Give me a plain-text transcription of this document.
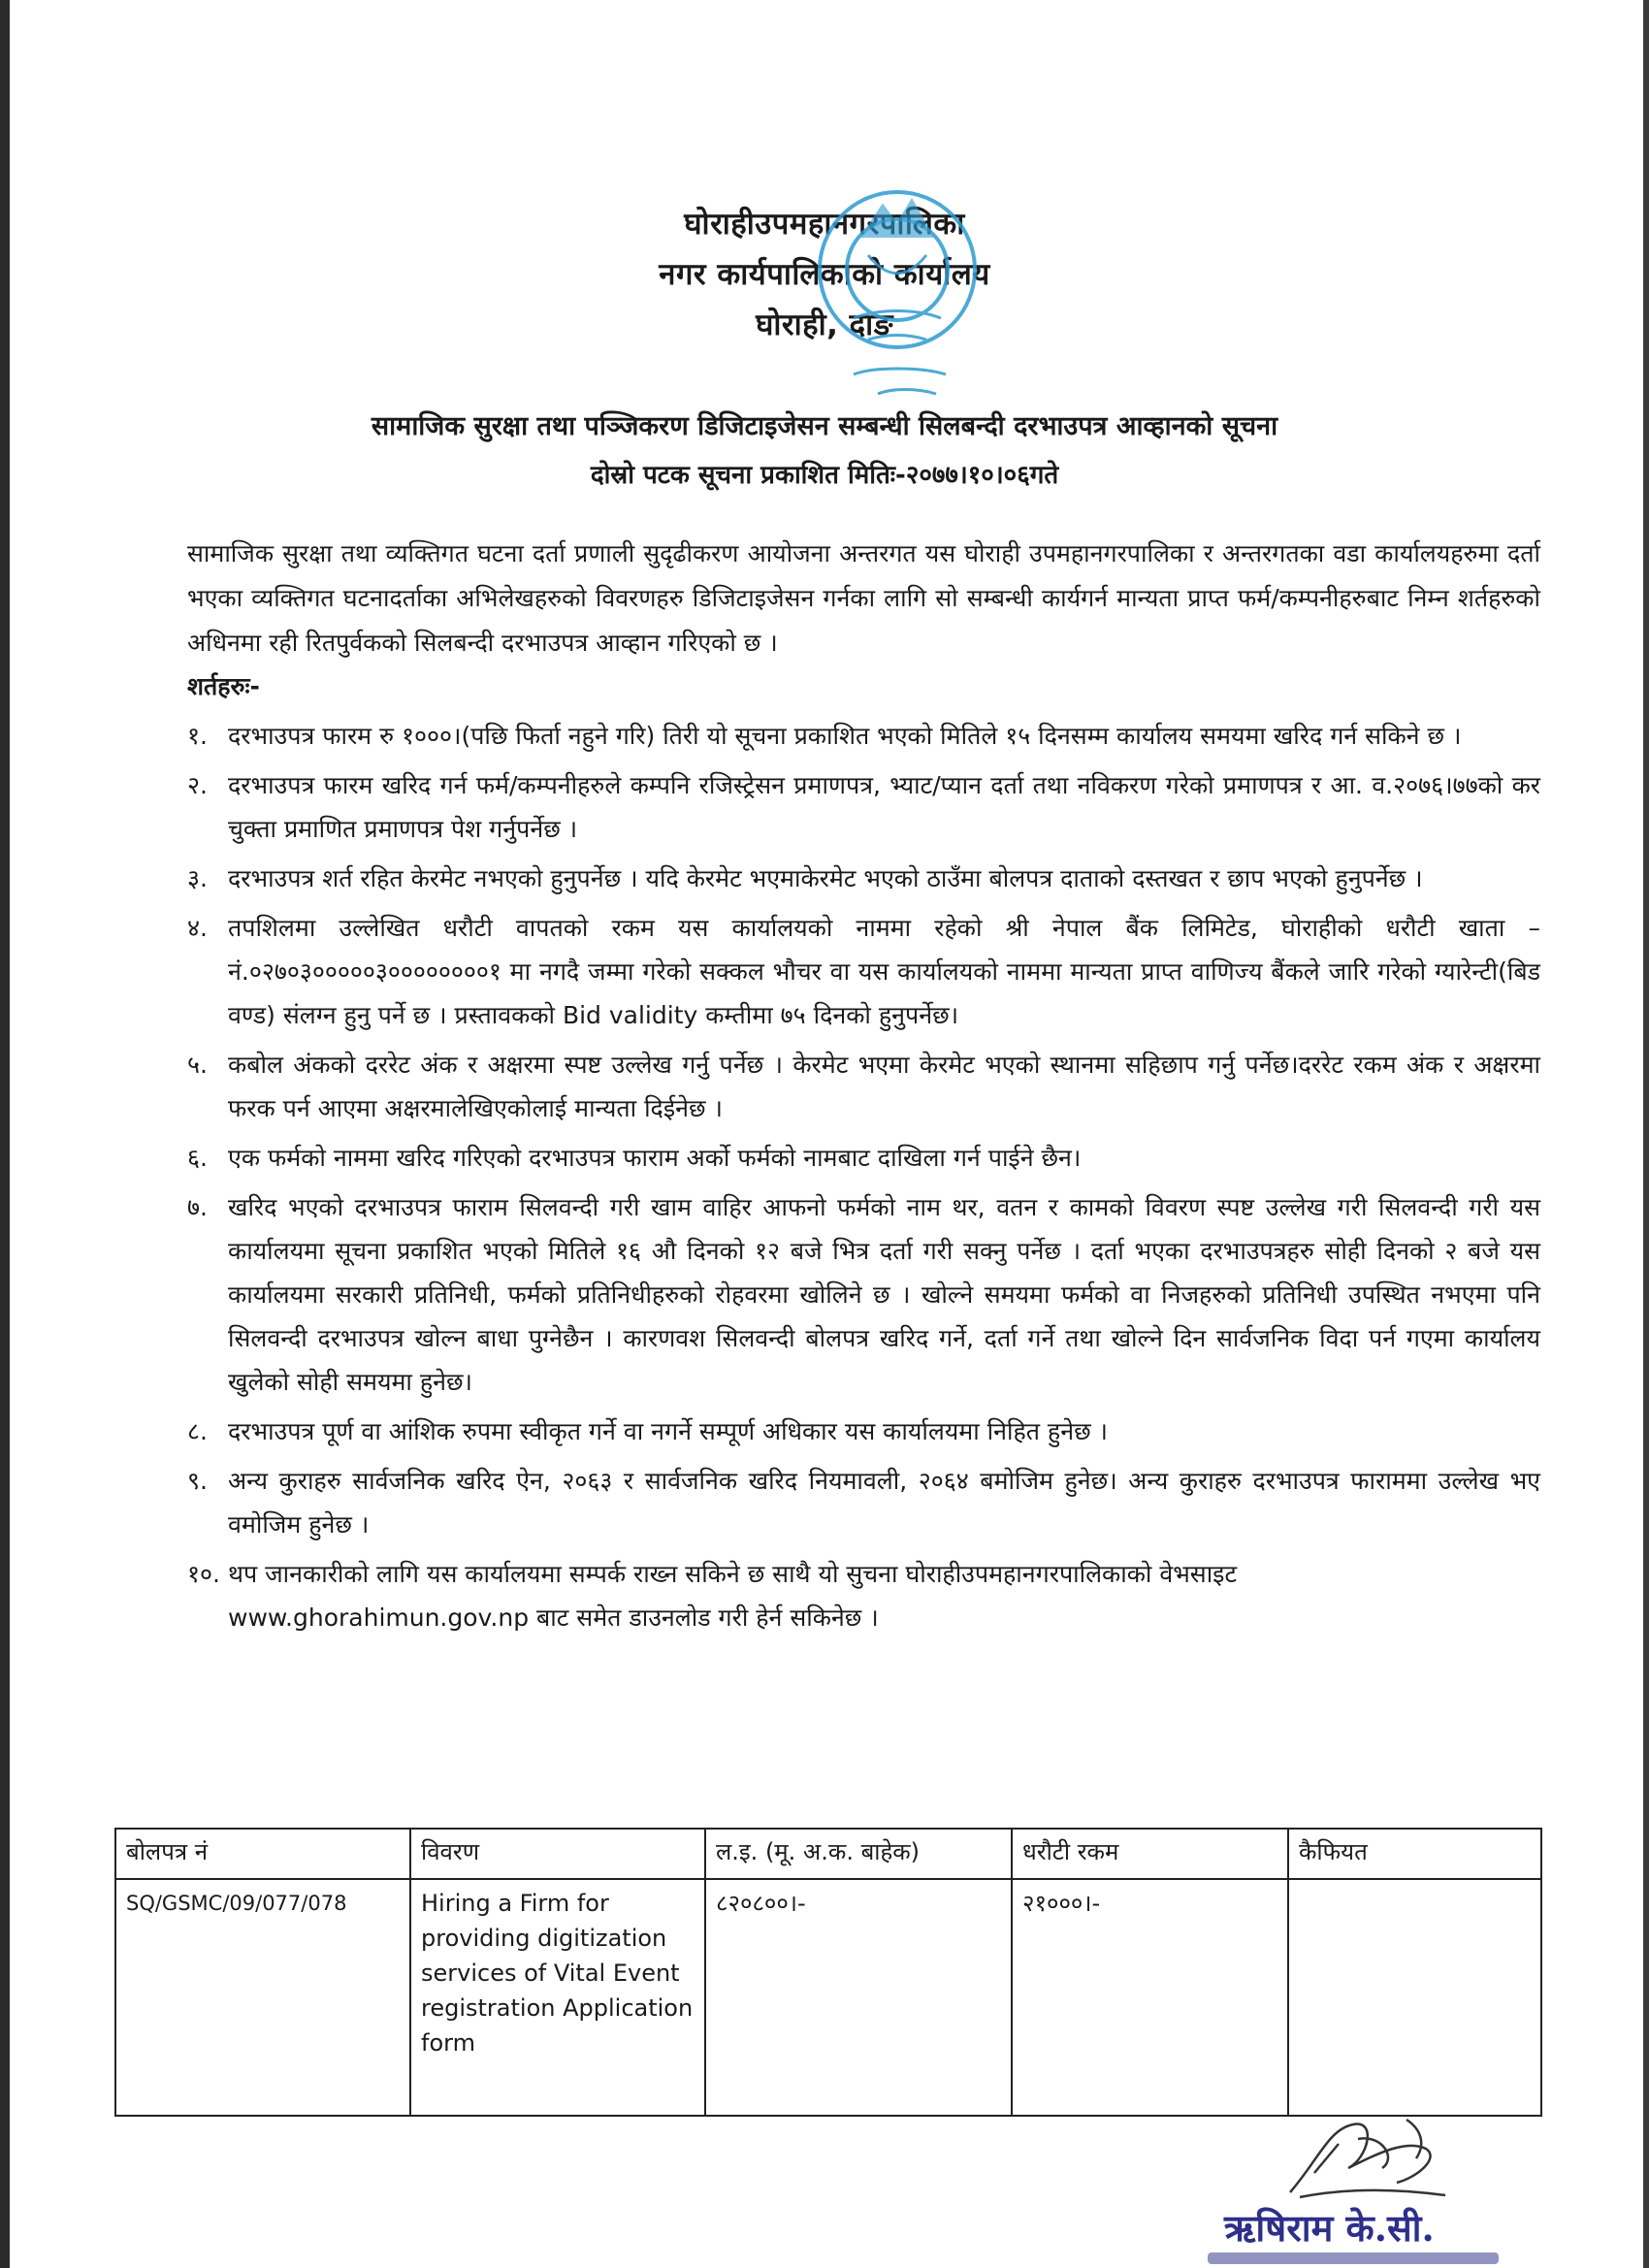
घोराहीउपमहानगरपालिका
नगर कार्यपालिकाको कार्यालय
घोराही, दाङ
सामाजिक सुरक्षा तथा पञ्जिकरण डिजिटाइजेसन सम्बन्धी सिलबन्दी दरभाउपत्र आव्हानको सूचना
दोस्रो पटक सूचना प्रकाशित मितिः-२०७७।१०।०६गते

सामाजिक सुरक्षा तथा व्यक्तिगत घटना दर्ता प्रणाली सुदृढीकरण आयोजना अन्तरगत यस घोराही उपमहानगरपालिका र अन्तरगतका वडा कार्यालयहरुमा दर्ता भएका व्यक्तिगत घटनादर्ताका अभिलेखहरुको विवरणहरु डिजिटाइजेसन गर्नका लागि सो सम्बन्धी कार्यगर्न मान्यता प्राप्त फर्म/कम्पनीहरुबाट निम्न शर्तहरुको अधिनमा रही रितपुर्वकको सिलबन्दी दरभाउपत्र आव्हान गरिएको छ ।

शर्तहरुः-

१. दरभाउपत्र फारम रु १०००।(पछि फिर्ता नहुने गरि) तिरी यो सूचना प्रकाशित भएको मितिले १५ दिनसम्म कार्यालय समयमा खरिद गर्न सकिने छ ।
२. दरभाउपत्र फारम खरिद गर्न फर्म/कम्पनीहरुले कम्पनि रजिस्ट्रेसन प्रमाणपत्र, भ्याट/प्यान दर्ता तथा नविकरण गरेको प्रमाणपत्र र आ. व.२०७६।७७को कर चुक्ता प्रमाणित प्रमाणपत्र पेश गर्नुपर्नेछ ।
३. दरभाउपत्र शर्त रहित केरमेट नभएको हुनुपर्नेछ । यदि केरमेट भएमाकेरमेट भएको ठाउँमा बोलपत्र दाताको दस्तखत र छाप भएको हुनुपर्नेछ ।
४. तपशिलमा उल्लेखित धरौटी वापतको रकम यस कार्यालयको नाममा रहेको श्री नेपाल बैंक लिमिटेड, घोराहीको धरौटी खाता – नं.०२७०३०००००३००००००००१ मा नगदै जम्मा गरेको सक्कल भौचर वा यस कार्यालयको नाममा मान्यता प्राप्त वाणिज्य बैंकले जारि गरेको ग्यारेन्टी(बिड वण्ड) संलग्न हुनु पर्ने छ । प्रस्तावकको Bid validity कम्तीमा ७५ दिनको हुनुपर्नेछ।
५. कबोल अंकको दररेट अंक र अक्षरमा स्पष्ट उल्लेख गर्नु पर्नेछ । केरमेट भएमा केरमेट भएको स्थानमा सहिछाप गर्नु पर्नेछ।दररेट रकम अंक र अक्षरमा फरक पर्न आएमा अक्षरमालेखिएकोलाई मान्यता दिईनेछ ।
६. एक फर्मको नाममा खरिद गरिएको दरभाउपत्र फाराम अर्को फर्मको नामबाट दाखिला गर्न पाईने छैन।
७. खरिद भएको दरभाउपत्र फाराम सिलवन्दी गरी खाम वाहिर आफनो फर्मको नाम थर, वतन र कामको विवरण स्पष्ट उल्लेख गरी सिलवन्दी गरी यस कार्यालयमा सूचना प्रकाशित भएको मितिले १६ औ दिनको १२ बजे भित्र दर्ता गरी सक्नु पर्नेछ । दर्ता भएका दरभाउपत्रहरु सोही दिनको २ बजे यस कार्यालयमा सरकारी प्रतिनिधी, फर्मको प्रतिनिधीहरुको रोहवरमा खोलिने छ । खोल्ने समयमा फर्मको वा निजहरुको प्रतिनिधी उपस्थित नभएमा पनि सिलवन्दी दरभाउपत्र खोल्न बाधा पुग्नेछैन । कारणवश सिलवन्दी बोलपत्र खरिद गर्ने, दर्ता गर्ने तथा खोल्ने दिन सार्वजनिक विदा पर्न गएमा कार्यालय खुलेको सोही समयमा हुनेछ।
८. दरभाउपत्र पूर्ण वा आंशिक रुपमा स्वीकृत गर्ने वा नगर्ने सम्पूर्ण अधिकार यस कार्यालयमा निहित हुनेछ ।
९. अन्य कुराहरु सार्वजनिक खरिद ऐन, २०६३ र सार्वजनिक खरिद नियमावली, २०६४ बमोजिम हुनेछ। अन्य कुराहरु दरभाउपत्र फाराममा उल्लेख भए वमोजिम हुनेछ ।
१०. थप जानकारीको लागि यस कार्यालयमा सम्पर्क राख्न सकिने छ साथै यो सुचना घोराहीउपमहानगरपालिकाको वेभसाइट
www.ghorahimun.gov.np बाट समेत डाउनलोड गरी हेर्न सकिनेछ ।
बोलपत्र नं	विवरण	ल.इ. (मू. अ.क. बाहेक)	धरौटी रकम	कैफियत
SQ/GSMC/09/077/078	Hiring a Firm for providing digitization services of Vital Event registration Application form	८२०८००।-	२१०००।-	
ऋषिराम के.सी.
